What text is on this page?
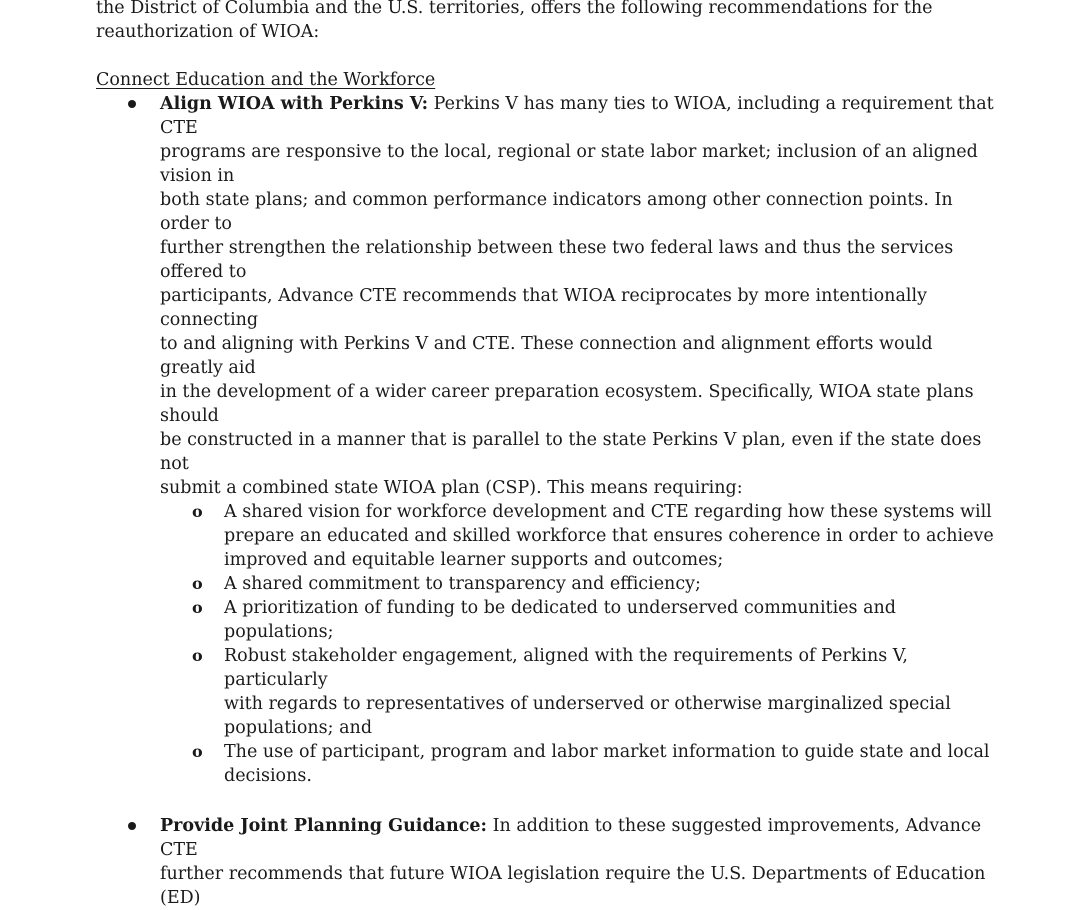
the District of Columbia and the U.S. territories, offers the following recommendations for the
reauthorization of WIOA:

Connect Education and the Workforce

Align WIOA with Perkins V: Perkins V has many ties to WIOA, including a requirement that CTE
programs are responsive to the local, regional or state labor market; inclusion of an aligned vision in
both state plans; and common performance indicators among other connection points. In order to
further strengthen the relationship between these two federal laws and thus the services offered to
participants, Advance CTE recommends that WIOA reciprocates by more intentionally connecting
to and aligning with Perkins V and CTE. These connection and alignment efforts would greatly aid
in the development of a wider career preparation ecosystem. Specifically, WIOA state plans should
be constructed in a manner that is parallel to the state Perkins V plan, even if the state does not
submit a combined state WIOA plan (CSP). This means requiring:

o A shared vision for workforce development and CTE regarding how these systems will
prepare an educated and skilled workforce that ensures coherence in order to achieve
improved and equitable learner supports and outcomes;
o A shared commitment to transparency and efficiency;
o A prioritization of funding to be dedicated to underserved communities and populations;
o Robust stakeholder engagement, aligned with the requirements of Perkins V, particularly
with regards to representatives of underserved or otherwise marginalized special
populations; and
o The use of participant, program and labor market information to guide state and local
decisions.

Provide Joint Planning Guidance: In addition to these suggested improvements, Advance CTE
further recommends that future WIOA legislation require the U.S. Departments of Education (ED)
